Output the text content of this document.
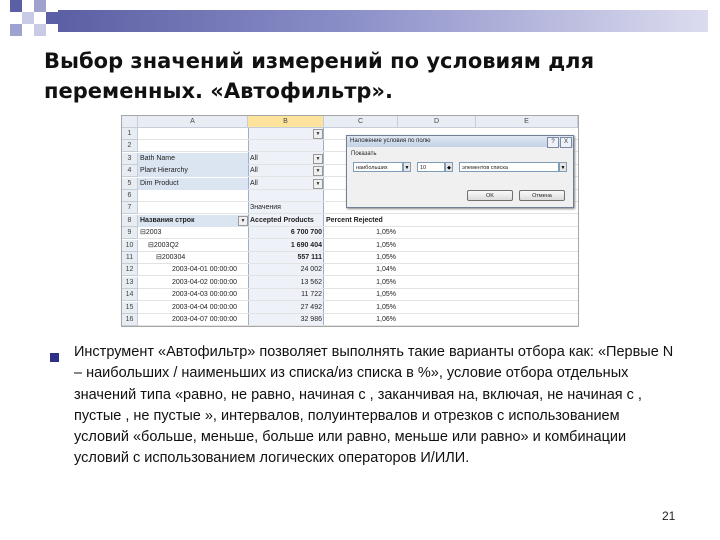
Выбор значений измерений по условиям для переменных. «Автофильтр».
A	B	C	D	E
1	▼
2
3	Bath Name	All	▼
4	Plant Hierarchy	All	▼
5	Dim Product	All	▼
6
7	Значения
8	Названия строк	Accepted Products	Percent Rejected
▼
9	⊟2003	6 700 700	1,05%
10	⊟2003Q2	1 690 404	1,05%
11	⊟200304	557 111	1,05%
12	2003-04-01 00:00:00	24 002	1,04%
13	2003-04-02 00:00:00	13 562	1,05%
14	2003-04-03 00:00:00	11 722	1,05%
15	2003-04-04 00:00:00	27 492	1,05%
16	2003-04-07 00:00:00	32 986	1,06%
Наложение условия по полю	?	X
Показать
наибольших	▼	10	◆	элементов списка	▼
OK	Отмена

Инструмент «Автофильтр» позволяет выполнять такие варианты отбора как: «Первые N – наибольших / наименьших из списка/из списка в %», условие отбора отдельных значений типа «равно, не равно, начиная с , заканчивая на, включая, не начиная с , пустые , не пустые », интервалов, полуинтервалов и отрезков с использованием условий «больше, меньше, больше или равно, меньше или равно» и комбинации условий с использованием логических операторов И/ИЛИ.

21
